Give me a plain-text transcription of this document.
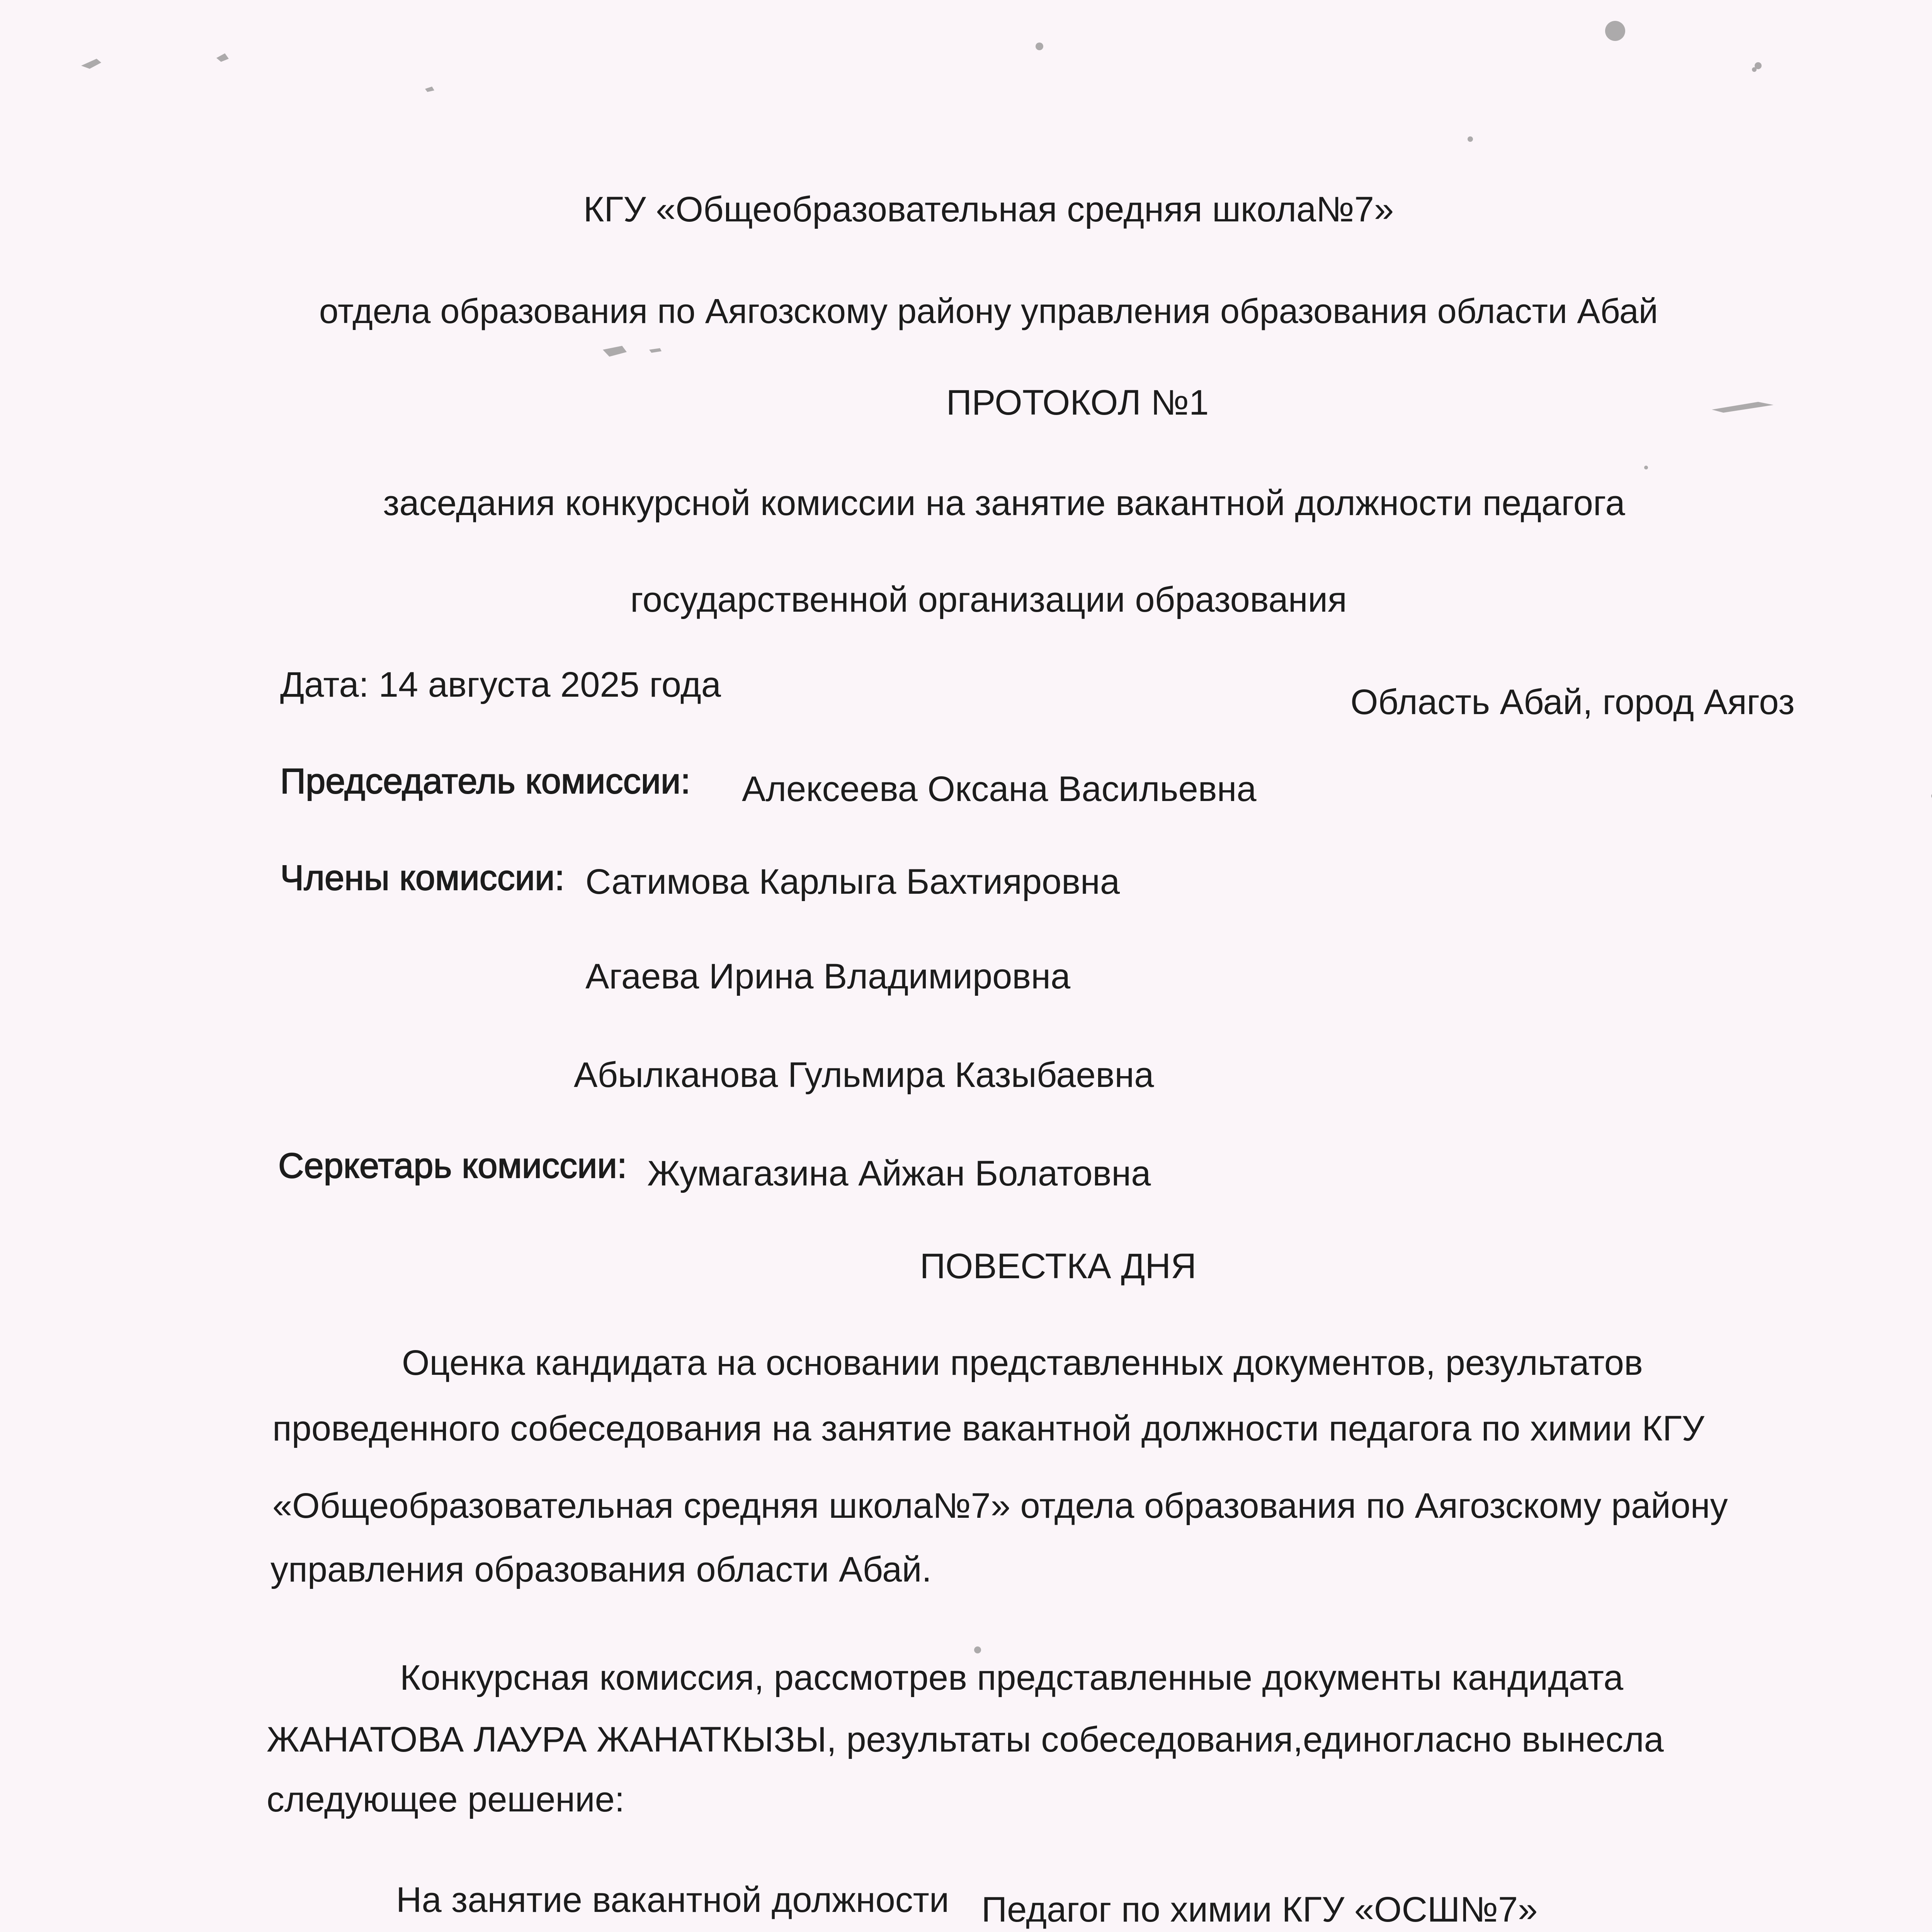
КГУ «Общеобразовательная средняя школа№7»
отдела образования по Аягозскому району управления образования области Абай
ПРОТОКОЛ №1
заседания конкурсной комиссии на занятие вакантной должности педагога
государственной организации образования
Дата: 14 августа 2025 года	Область Абай, город Аягоз
Председатель комиссии: Алексеева Оксана Васильевна
Члены комиссии: Сатимова Карлыга Бахтияровна
Агаева Ирина Владимировна
Абылканова Гульмира Казыбаевна
Серкетарь комиссии: Жумагазина Айжан Болатовна
ПОВЕСТКА ДНЯ
Оценка кандидата на основании представленных документов, результатов
проведенного собеседования на занятие вакантной должности педагога по химии КГУ
«Общеобразовательная средняя школа№7» отдела образования по Аягозскому району
управления образования области Абай.
Конкурсная комиссия, рассмотрев представленные документы кандидата
ЖАНАТОВА ЛАУРА ЖАНАТКЫЗЫ, результаты собеседования,единогласно вынесла
следующее решение:
На занятие вакантной должности Педагог по химии КГУ «ОСШ№7»
